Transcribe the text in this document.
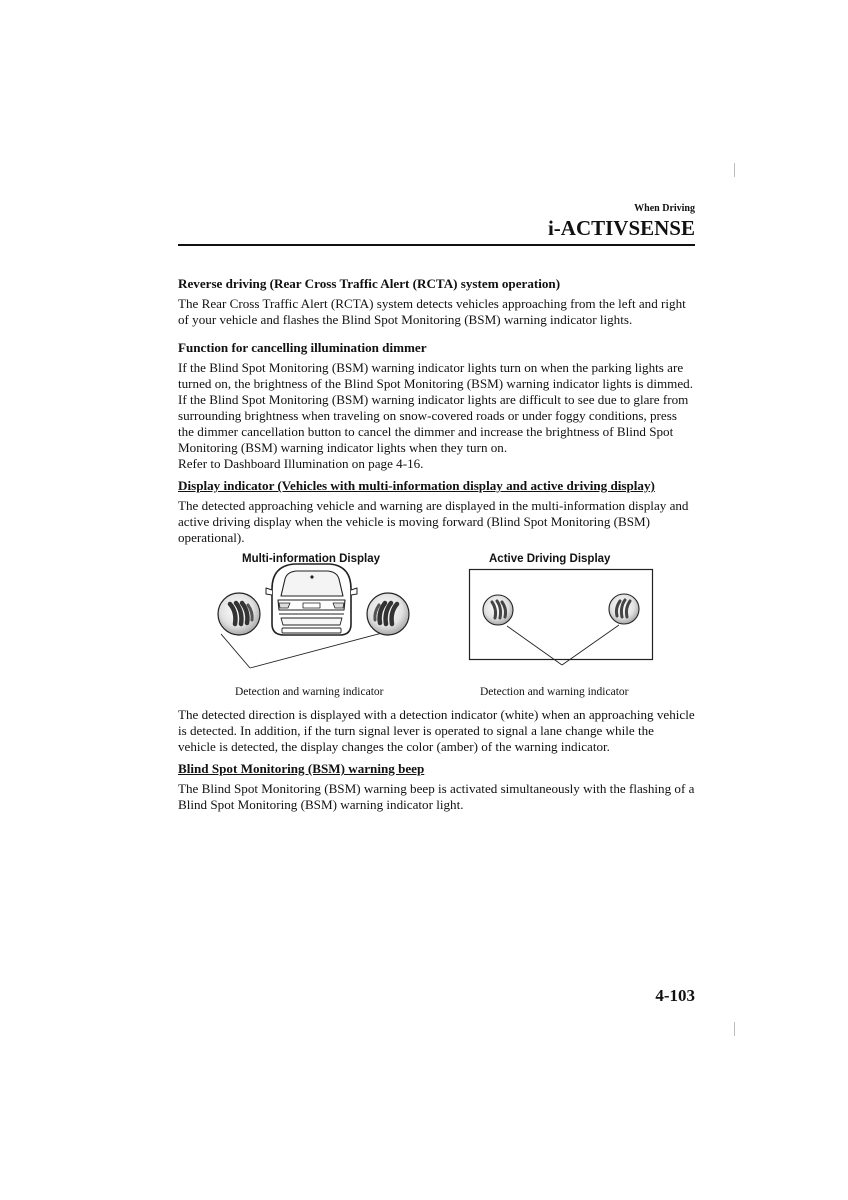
When Driving
i-ACTIVSENSE

Reverse driving (Rear Cross Traffic Alert (RCTA) system operation)

The Rear Cross Traffic Alert (RCTA) system detects vehicles approaching from the left and right of your vehicle and flashes the Blind Spot Monitoring (BSM) warning indicator lights.

Function for cancelling illumination dimmer

If the Blind Spot Monitoring (BSM) warning indicator lights turn on when the parking lights are turned on, the brightness of the Blind Spot Monitoring (BSM) warning indicator lights is dimmed.

If the Blind Spot Monitoring (BSM) warning indicator lights are difficult to see due to glare from surrounding brightness when traveling on snow-covered roads or under foggy conditions, press the dimmer cancellation button to cancel the dimmer and increase the brightness of Blind Spot Monitoring (BSM) warning indicator lights when they turn on.

Refer to Dashboard Illumination on page 4-16.

Display indicator (Vehicles with multi-information display and active driving display)

The detected approaching vehicle and warning are displayed in the multi-information display and active driving display when the vehicle is moving forward (Blind Spot Monitoring (BSM) operational).

Multi-information Display	Active Driving Display
Detection and warning indicator	Detection and warning indicator

The detected direction is displayed with a detection indicator (white) when an approaching vehicle is detected. In addition, if the turn signal lever is operated to signal a lane change while the vehicle is detected, the display changes the color (amber) of the warning indicator.

Blind Spot Monitoring (BSM) warning beep

The Blind Spot Monitoring (BSM) warning beep is activated simultaneously with the flashing of a Blind Spot Monitoring (BSM) warning indicator light.

4-103
